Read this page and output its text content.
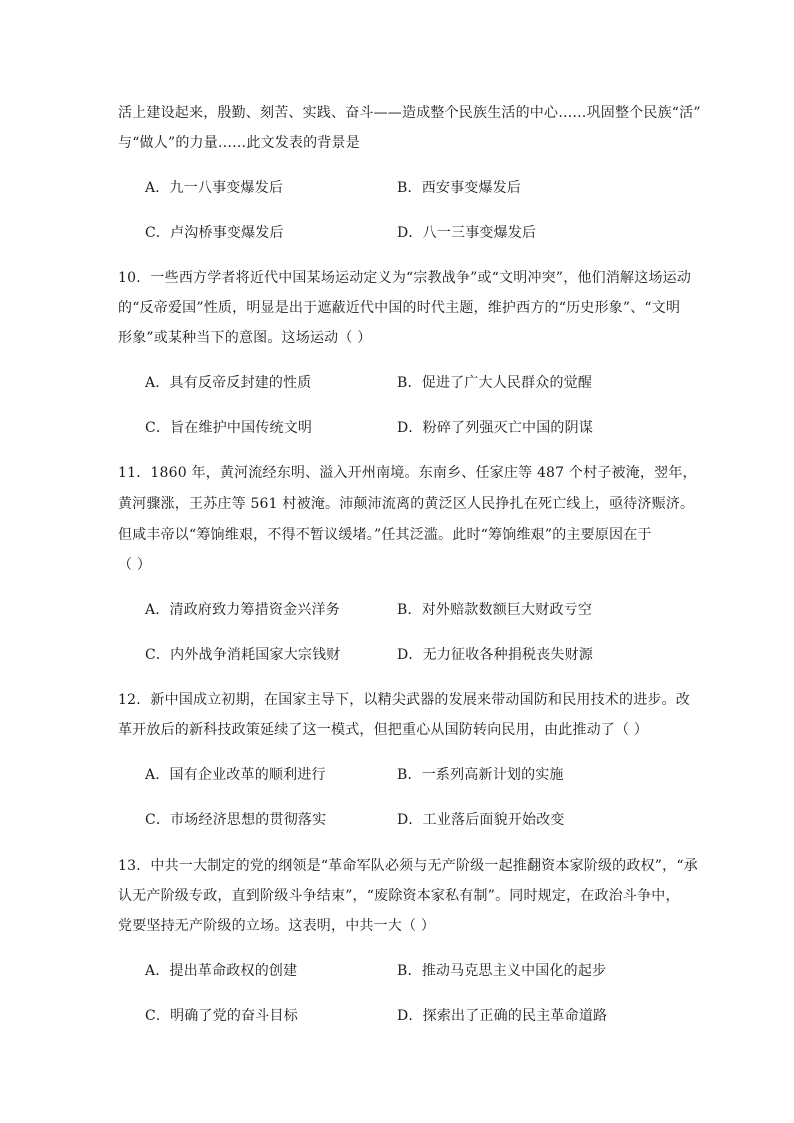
活上建设起来，殷勤、刻苦、实践、奋斗——造成整个民族生活的中心……巩固整个民族“活”
与“做人”的力量……此文发表的背景是
A．九一八事变爆发后	B．西安事变爆发后
C．卢沟桥事变爆发后	D．八一三事变爆发后
10．一些西方学者将近代中国某场运动定义为“宗教战争”或“文明冲突”，他们消解这场运动
的“反帝爱国”性质，明显是出于遮蔽近代中国的时代主题，维护西方的“历史形象”、“文明
形象”或某种当下的意图。这场运动（ ）
A．具有反帝反封建的性质	B．促进了广大人民群众的觉醒
C．旨在维护中国传统文明	D．粉碎了列强灭亡中国的阴谋
11．1860 年，黄河流经东明、溢入开州南境。东南乡、任家庄等 487 个村子被淹，翌年，
黄河骤涨，王苏庄等 561 村被淹。沛颠沛流离的黄泛区人民挣扎在死亡线上，亟待济赈济。
但咸丰帝以“筹饷维艰，不得不暂议缓堵。”任其泛滥。此时“筹饷维艰”的主要原因在于
（ ）
A．清政府致力筹措资金兴洋务	B．对外赔款数额巨大财政亏空
C．内外战争消耗国家大宗钱财	D．无力征收各种捐税丧失财源
12．新中国成立初期，在国家主导下，以精尖武器的发展来带动国防和民用技术的进步。改
革开放后的新科技政策延续了这一模式，但把重心从国防转向民用，由此推动了（ ）
A．国有企业改革的顺利进行	B．一系列高新计划的实施
C．市场经济思想的贯彻落实	D．工业落后面貌开始改变
13．中共一大制定的党的纲领是“革命军队必须与无产阶级一起推翻资本家阶级的政权”，“承
认无产阶级专政，直到阶级斗争结束”，“废除资本家私有制”。同时规定，在政治斗争中，
党要坚持无产阶级的立场。这表明，中共一大（ ）
A．提出革命政权的创建	B．推动马克思主义中国化的起步
C．明确了党的奋斗目标	D．探索出了正确的民主革命道路
